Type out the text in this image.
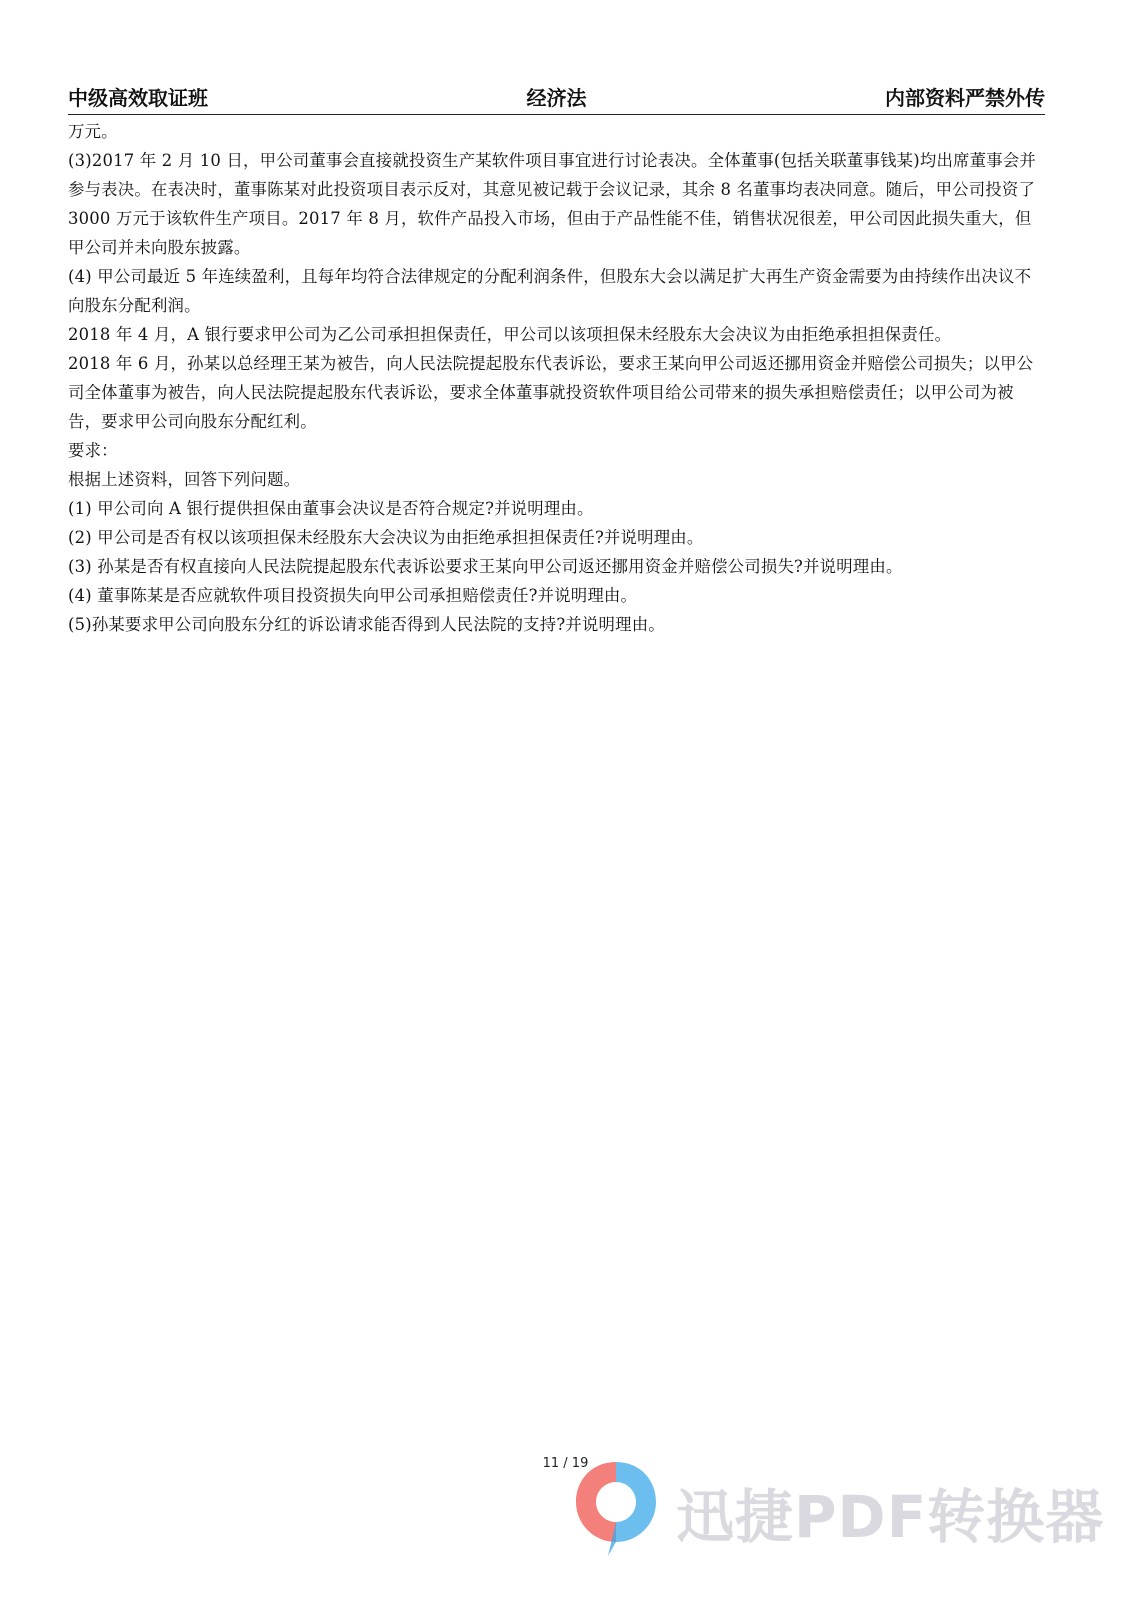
中级高效取证班	经济法	内部资料严禁外传

万元。

(3)2017 年 2 月 10 日，甲公司董事会直接就投资生产某软件项目事宜进行讨论表决。全体董事(包括关联董事钱某)均出席董事会并参与表决。在表决时，董事陈某对此投资项目表示反对，其意见被记载于会议记录，其余 8 名董事均表决同意。随后，甲公司投资了 3000 万元于该软件生产项目。2017 年 8 月，软件产品投入市场，但由于产品性能不佳，销售状况很差，甲公司因此损失重大，但甲公司并未向股东披露。

(4) 甲公司最近 5 年连续盈利，且每年均符合法律规定的分配利润条件，但股东大会以满足扩大再生产资金需要为由持续作出决议不向股东分配利润。

2018 年 4 月，A 银行要求甲公司为乙公司承担担保责任，甲公司以该项担保未经股东大会决议为由拒绝承担担保责任。

2018 年 6 月，孙某以总经理王某为被告，向人民法院提起股东代表诉讼，要求王某向甲公司返还挪用资金并赔偿公司损失；以甲公司全体董事为被告，向人民法院提起股东代表诉讼，要求全体董事就投资软件项目给公司带来的损失承担赔偿责任；以甲公司为被告，要求甲公司向股东分配红利。

要求：

根据上述资料，回答下列问题。

(1) 甲公司向 A 银行提供担保由董事会决议是否符合规定?并说明理由。

(2) 甲公司是否有权以该项担保未经股东大会决议为由拒绝承担担保责任?并说明理由。

(3) 孙某是否有权直接向人民法院提起股东代表诉讼要求王某向甲公司返还挪用资金并赔偿公司损失?并说明理由。

(4) 董事陈某是否应就软件项目投资损失向甲公司承担赔偿责任?并说明理由。

(5)孙某要求甲公司向股东分红的诉讼请求能否得到人民法院的支持?并说明理由。

11 / 19
迅捷PDF转换器
